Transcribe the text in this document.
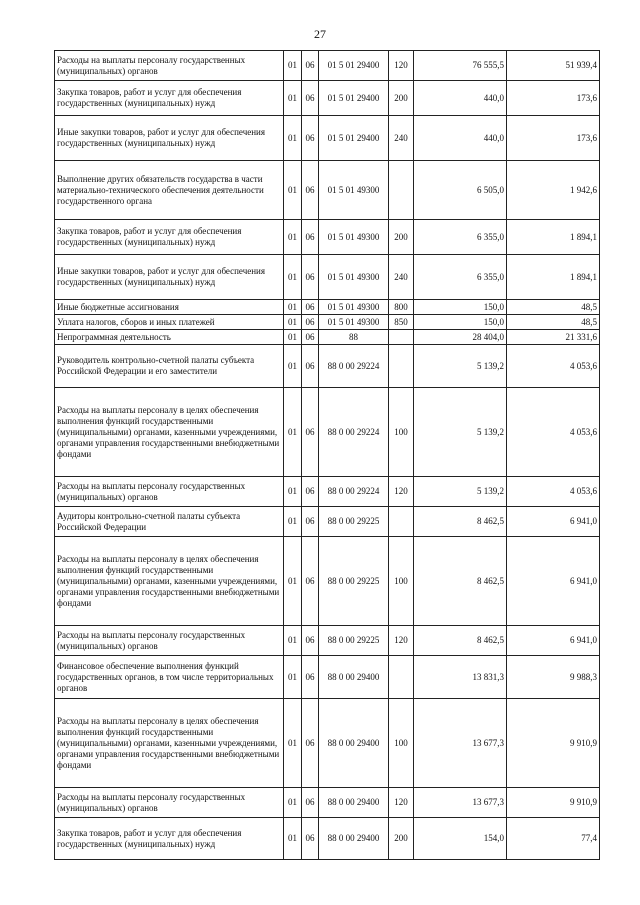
27
Расходы на выплаты персоналу государственных (муниципальных) органов	01	06	01 5 01 29400	120	76 555,5	51 939,4
Закупка товаров, работ и услуг для обеспечения государственных (муниципальных) нужд	01	06	01 5 01 29400	200	440,0	173,6
Иные закупки товаров, работ и услуг для обеспечения государственных (муниципальных) нужд	01	06	01 5 01 29400	240	440,0	173,6
Выполнение других обязательств государства в части материально-технического обеспечения деятельности государственного органа	01	06	01 5 01 49300		6 505,0	1 942,6
Закупка товаров, работ и услуг для обеспечения государственных (муниципальных) нужд	01	06	01 5 01 49300	200	6 355,0	1 894,1
Иные закупки товаров, работ и услуг для обеспечения государственных (муниципальных) нужд	01	06	01 5 01 49300	240	6 355,0	1 894,1
Иные бюджетные ассигнования	01	06	01 5 01 49300	800	150,0	48,5
Уплата налогов, сборов и иных платежей	01	06	01 5 01 49300	850	150,0	48,5
Непрограммная деятельность	01	06	88		28 404,0	21 331,6
Руководитель контрольно-счетной палаты субъекта Российской Федерации и его заместители	01	06	88 0 00 29224		5 139,2	4 053,6
Расходы на выплаты персоналу в целях обеспечения выполнения функций государственными (муниципальными) органами, казенными учреждениями, органами управления государственными внебюджетными фондами	01	06	88 0 00 29224	100	5 139,2	4 053,6
Расходы на выплаты персоналу государственных (муниципальных) органов	01	06	88 0 00 29224	120	5 139,2	4 053,6
Аудиторы контрольно-счетной палаты субъекта Российской Федерации	01	06	88 0 00 29225		8 462,5	6 941,0
Расходы на выплаты персоналу в целях обеспечения выполнения функций государственными (муниципальными) органами, казенными учреждениями, органами управления государственными внебюджетными фондами	01	06	88 0 00 29225	100	8 462,5	6 941,0
Расходы на выплаты персоналу государственных (муниципальных) органов	01	06	88 0 00 29225	120	8 462,5	6 941,0
Финансовое обеспечение выполнения функций государственных органов, в том числе территориальных органов	01	06	88 0 00 29400		13 831,3	9 988,3
Расходы на выплаты персоналу в целях обеспечения выполнения функций государственными (муниципальными) органами, казенными учреждениями, органами управления государственными внебюджетными фондами	01	06	88 0 00 29400	100	13 677,3	9 910,9
Расходы на выплаты персоналу государственных (муниципальных) органов	01	06	88 0 00 29400	120	13 677,3	9 910,9
Закупка товаров, работ и услуг для обеспечения государственных (муниципальных) нужд	01	06	88 0 00 29400	200	154,0	77,4
